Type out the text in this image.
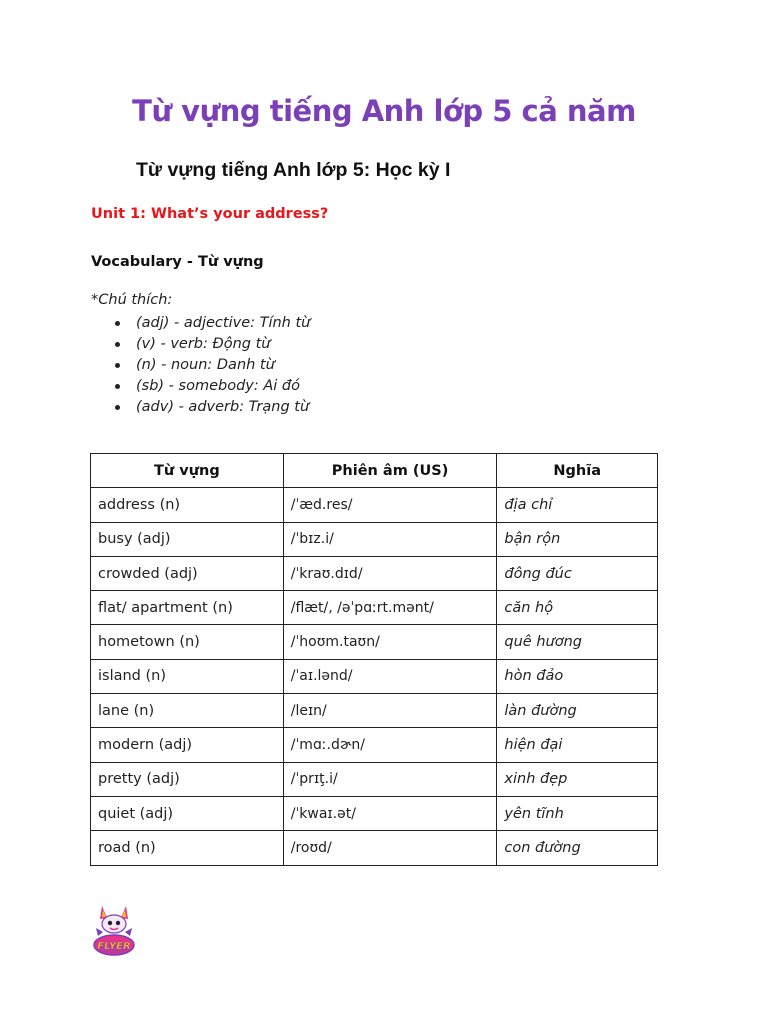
Từ vựng tiếng Anh lớp 5 cả năm
Từ vựng tiếng Anh lớp 5: Học kỳ I
Unit 1: What’s your address?
Vocabulary - Từ vựng
*Chú thích:
(adj) - adjective: Tính từ
(v) - verb: Động từ
(n) - noun: Danh từ
(sb) - somebody: Ai đó
(adv) - adverb: Trạng từ
Từ vựng	Phiên âm (US)	Nghĩa
address (n)	/ˈæd.res/	địa chỉ
busy (adj)	/ˈbɪz.i/	bận rộn
crowded (adj)	/ˈkraʊ.dɪd/	đông đúc
flat/ apartment (n)	/flæt/, /əˈpɑːrt.mənt/	căn hộ
hometown (n)	/ˈhoʊm.taʊn/	quê hương
island (n)	/ˈaɪ.lənd/	hòn đảo
lane (n)	/leɪn/	làn đường
modern (adj)	/ˈmɑː.dɚn/	hiện đại
pretty (adj)	/ˈprɪţ.i/	xinh đẹp
quiet (adj)	/ˈkwaɪ.ət/	yên tĩnh
road (n)	/roʊd/	con đường
FLYER
